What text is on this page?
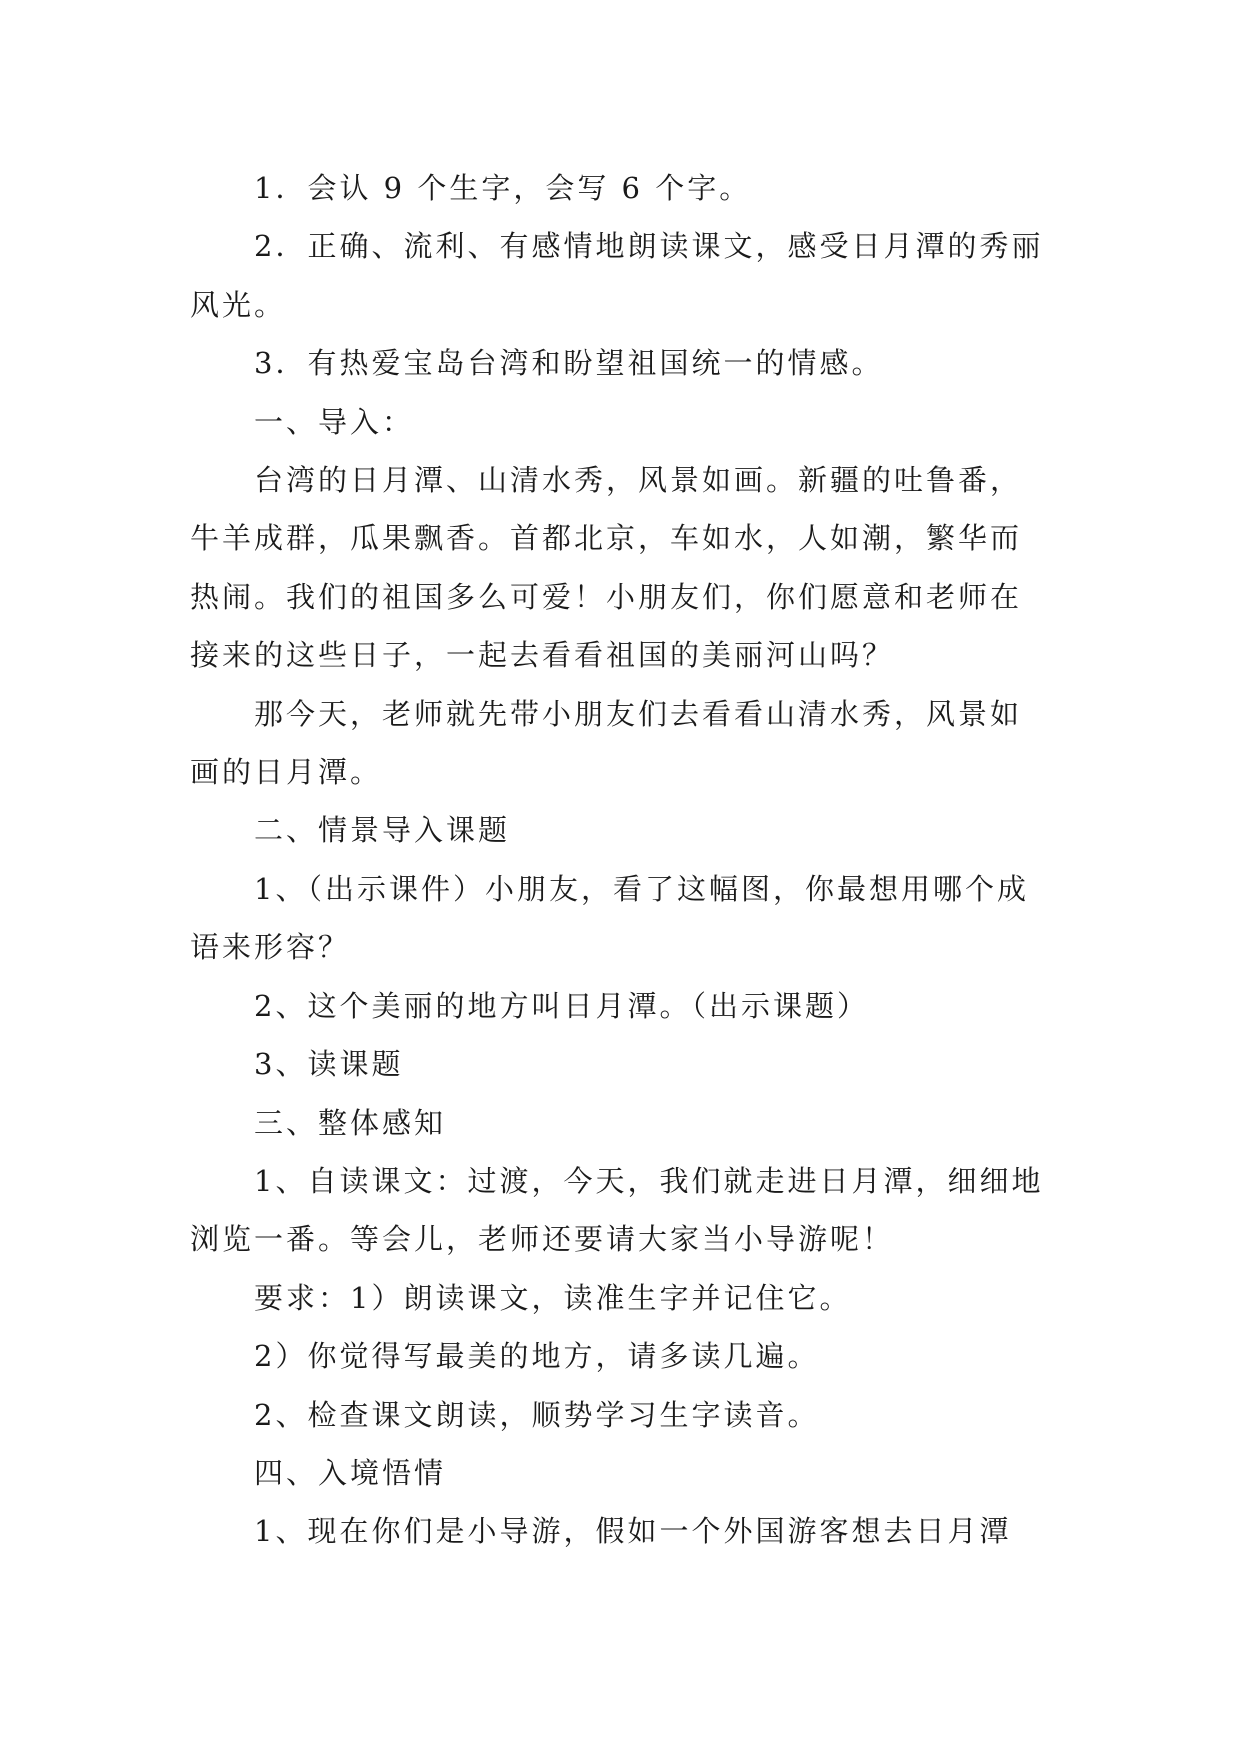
1．会认 9 个生字，会写 6 个字。

2．正确、流利、有感情地朗读课文，感受日月潭的秀丽风光。

3．有热爱宝岛台湾和盼望祖国统一的情感。

一、导入：

台湾的日月潭、山清水秀，风景如画。新疆的吐鲁番，牛羊成群，瓜果飘香。首都北京，车如水，人如潮，繁华而热闹。我们的祖国多么可爱！小朋友们，你们愿意和老师在接来的这些日子，一起去看看祖国的美丽河山吗？

那今天，老师就先带小朋友们去看看山清水秀，风景如画的日月潭。

二、情景导入课题

1、（出示课件）小朋友，看了这幅图，你最想用哪个成语来形容？

2、这个美丽的地方叫日月潭。（出示课题）

3、读课题

三、整体感知

1、自读课文：过渡，今天，我们就走进日月潭，细细地浏览一番。等会儿，老师还要请大家当小导游呢！

要求：1）朗读课文，读准生字并记住它。

2）你觉得写最美的地方，请多读几遍。

2、检查课文朗读，顺势学习生字读音。

四、入境悟情

1、现在你们是小导游，假如一个外国游客想去日月潭
